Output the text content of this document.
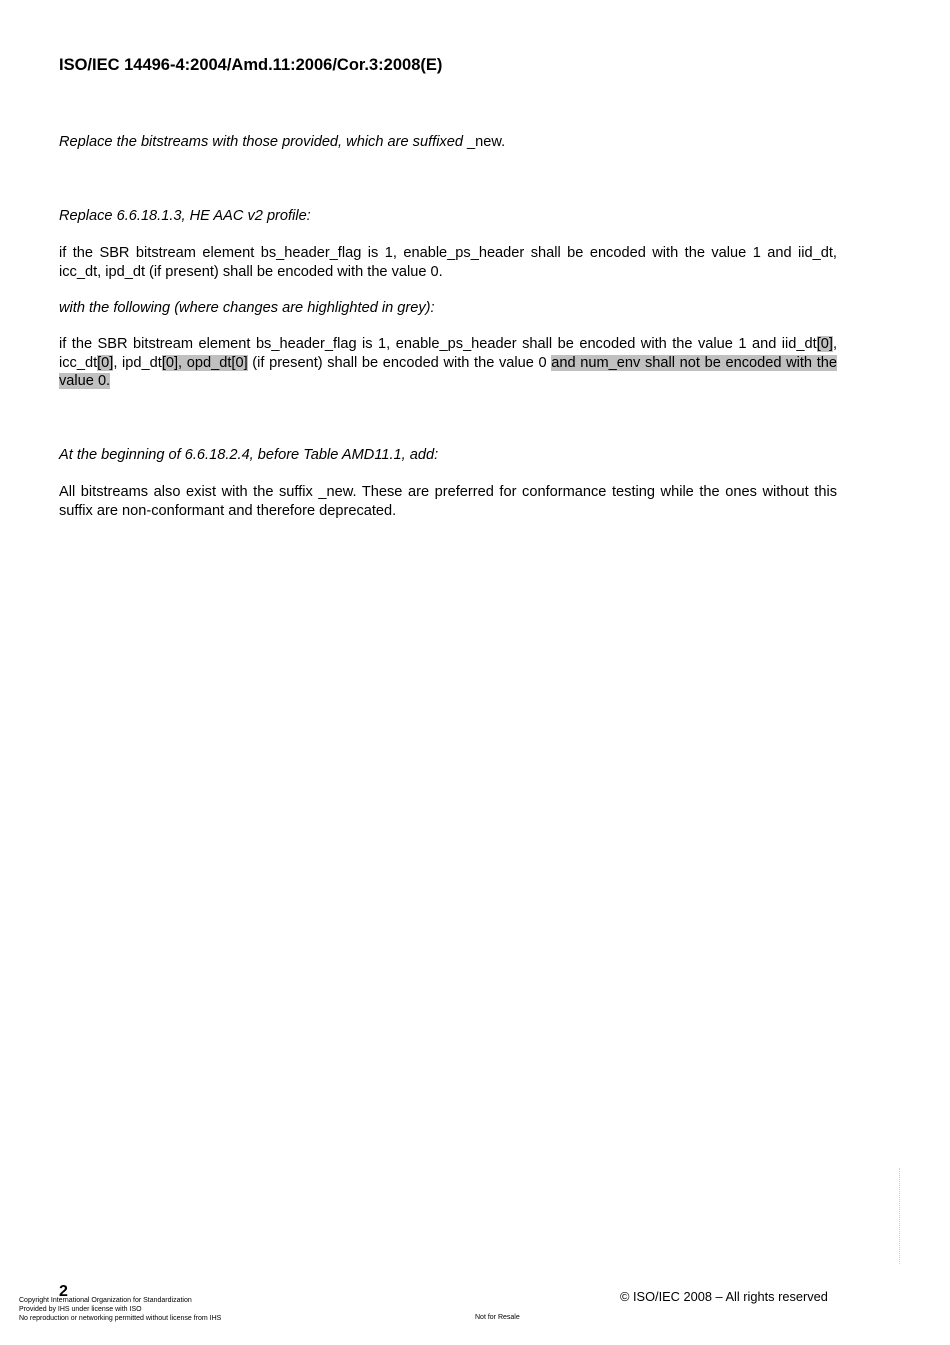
ISO/IEC 14496-4:2004/Amd.11:2006/Cor.3:2008(E)
Replace the bitstreams with those provided, which are suffixed _new.
Replace 6.6.18.1.3, HE AAC v2 profile:
if the SBR bitstream element bs_header_flag is 1, enable_ps_header shall be encoded with the value 1 and iid_dt, icc_dt, ipd_dt (if present) shall be encoded with the value 0.
with the following (where changes are highlighted in grey):
if the SBR bitstream element bs_header_flag is 1, enable_ps_header shall be encoded with the value 1 and iid_dt[0], icc_dt[0], ipd_dt[0], opd_dt[0] (if present) shall be encoded with the value 0 and num_env shall not be encoded with the value 0.
At the beginning of 6.6.18.2.4, before Table AMD11.1, add:
All bitstreams also exist with the suffix _new. These are preferred for conformance testing while the ones without this suffix are non-conformant and therefore deprecated.
2	© ISO/IEC 2008 – All rights reserved
Copyright International Organization for Standardization
Provided by IHS under license with ISO
No reproduction or networking permitted without license from IHS	Not for Resale
